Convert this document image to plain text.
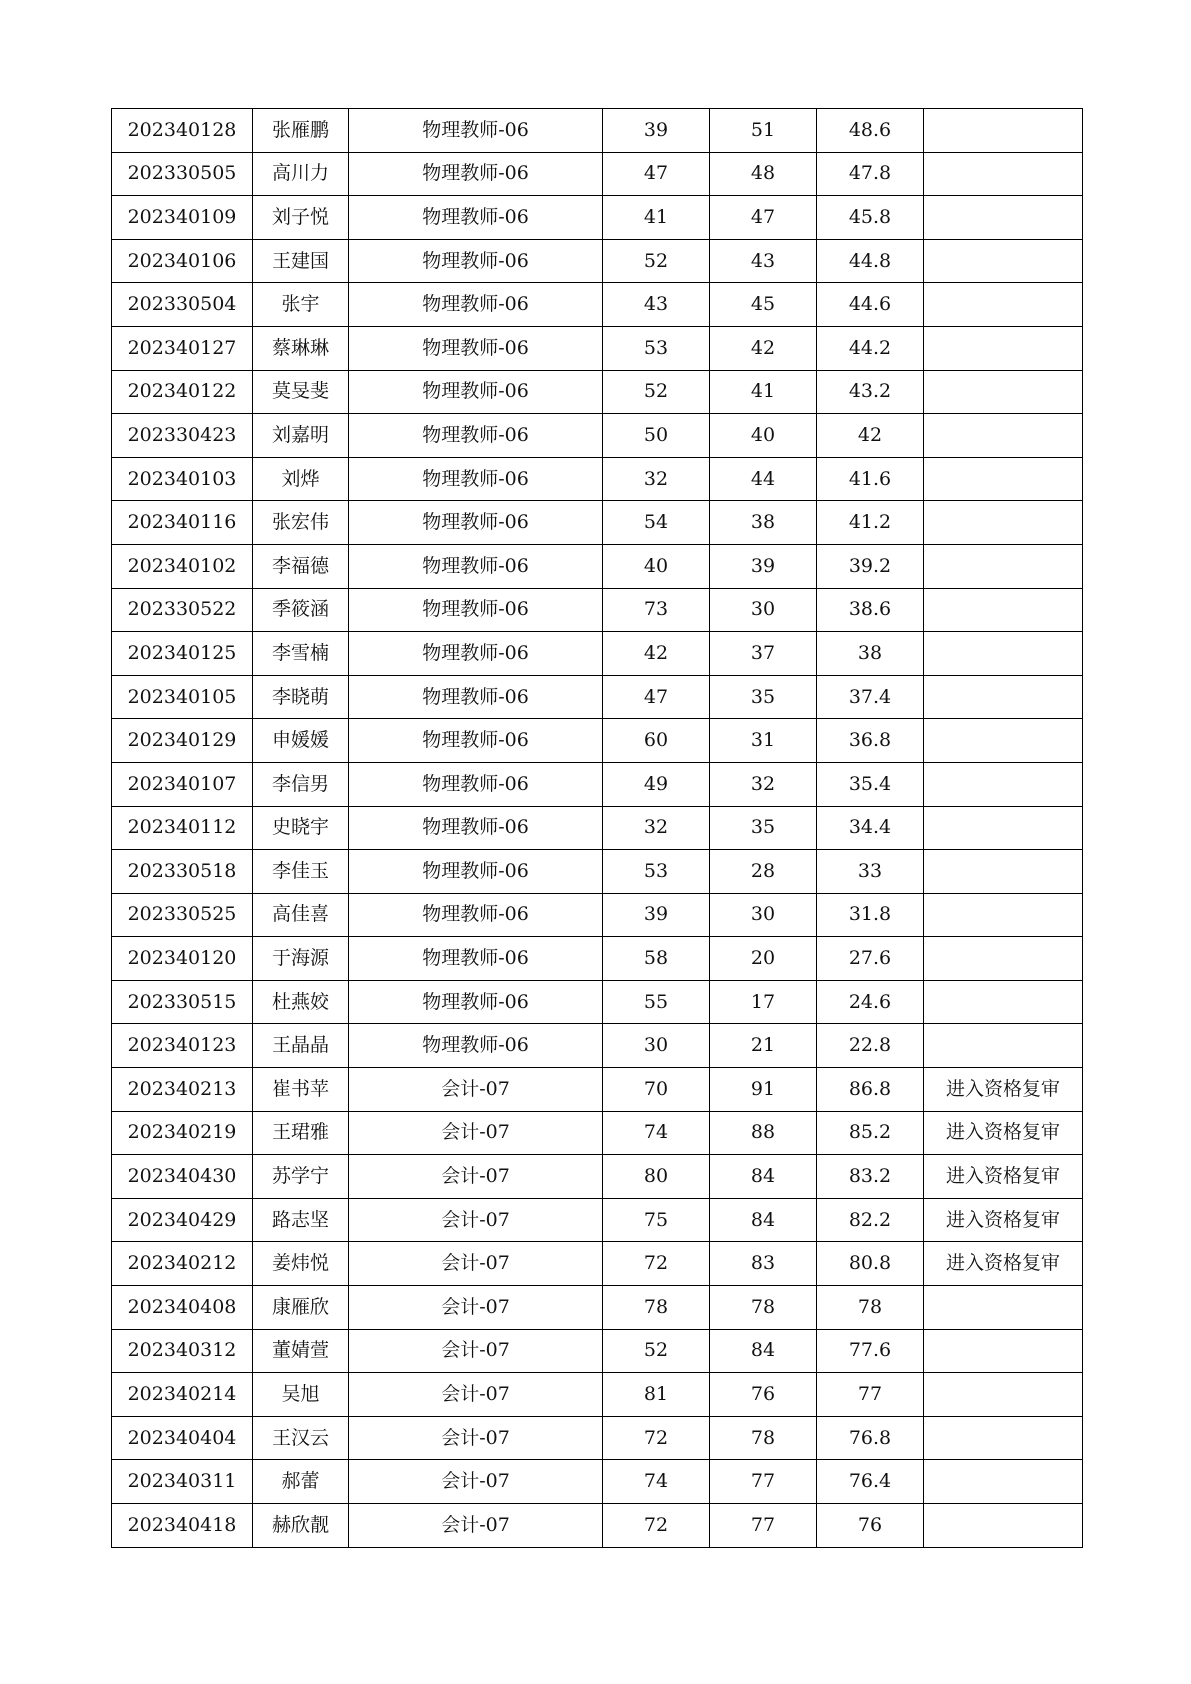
202340128	张雁鹏	物理教师-06	39	51	48.6	
202330505	高川力	物理教师-06	47	48	47.8	
202340109	刘子悦	物理教师-06	41	47	45.8	
202340106	王建国	物理教师-06	52	43	44.8	
202330504	张宇	物理教师-06	43	45	44.6	
202340127	蔡琳琳	物理教师-06	53	42	44.2	
202340122	莫旻斐	物理教师-06	52	41	43.2	
202330423	刘嘉明	物理教师-06	50	40	42	
202340103	刘烨	物理教师-06	32	44	41.6	
202340116	张宏伟	物理教师-06	54	38	41.2	
202340102	李福德	物理教师-06	40	39	39.2	
202330522	季筱涵	物理教师-06	73	30	38.6	
202340125	李雪楠	物理教师-06	42	37	38	
202340105	李晓萌	物理教师-06	47	35	37.4	
202340129	申媛媛	物理教师-06	60	31	36.8	
202340107	李信男	物理教师-06	49	32	35.4	
202340112	史晓宇	物理教师-06	32	35	34.4	
202330518	李佳玉	物理教师-06	53	28	33	
202330525	高佳喜	物理教师-06	39	30	31.8	
202340120	于海源	物理教师-06	58	20	27.6	
202330515	杜燕姣	物理教师-06	55	17	24.6	
202340123	王晶晶	物理教师-06	30	21	22.8	
202340213	崔书苹	会计-07	70	91	86.8	进入资格复审
202340219	王珺雅	会计-07	74	88	85.2	进入资格复审
202340430	苏学宁	会计-07	80	84	83.2	进入资格复审
202340429	路志坚	会计-07	75	84	82.2	进入资格复审
202340212	姜炜悦	会计-07	72	83	80.8	进入资格复审
202340408	康雁欣	会计-07	78	78	78	
202340312	董婧萱	会计-07	52	84	77.6	
202340214	吴旭	会计-07	81	76	77	
202340404	王汉云	会计-07	72	78	76.8	
202340311	郝蕾	会计-07	74	77	76.4	
202340418	赫欣靓	会计-07	72	77	76	
